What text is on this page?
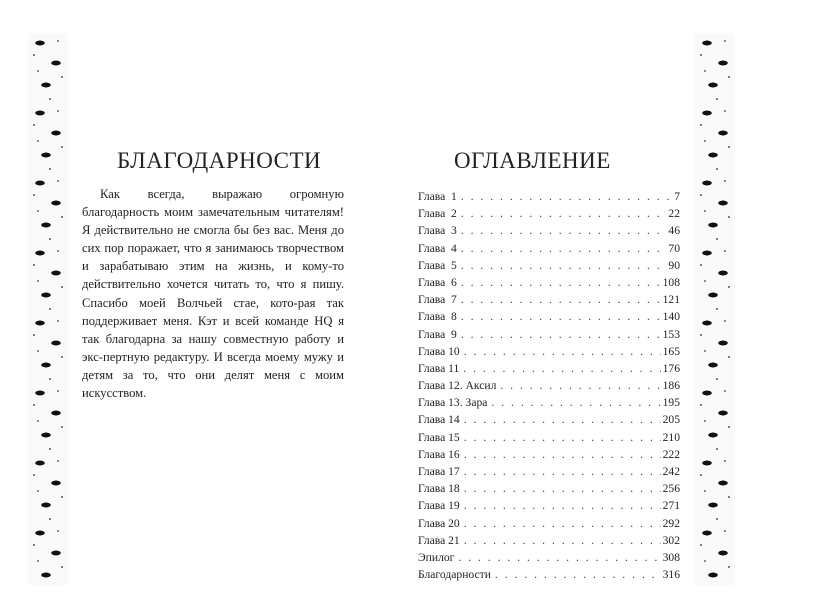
БЛАГОДАРНОСТИ

Как всегда, выражаю огромную благодарность моим замечательным читателям! Я действительно не смогла бы без вас. Меня до сих пор поражает, что я занимаюсь творчеством и зарабатываю этим на жизнь, и кому-то действительно хочется читать то, что я пишу. Спасибо моей Волчьей стае, кото-рая так поддерживает меня. Кэт и всей команде HQ я так благодарна за нашу совместную работу и экс-пертную редактуру. И всегда моему мужу и детям за то, что они делят меня с моим искусством.

ОГЛАВЛЕНИЕ
Глава  1 . . .	7
Глава  2 . . .	22
Глава  3 . . .	46
Глава  4 . . .	70
Глава  5 . . .	90
Глава  6 . . .	108
Глава  7 . . .	121
Глава  8 . . .	140
Глава  9 . . .	153
Глава 10 . . .	165
Глава 11 . . .	176
Глава 12. Аксил . . .	186
Глава 13. Зара . . .	195
Глава 14 . . .	205
Глава 15 . . .	210
Глава 16 . . .	222
Глава 17 . . .	242
Глава 18 . . .	256
Глава 19 . . .	271
Глава 20 . . .	292
Глава 21 . . .	302
Эпилог . . .	308
Благодарности . . .	316
